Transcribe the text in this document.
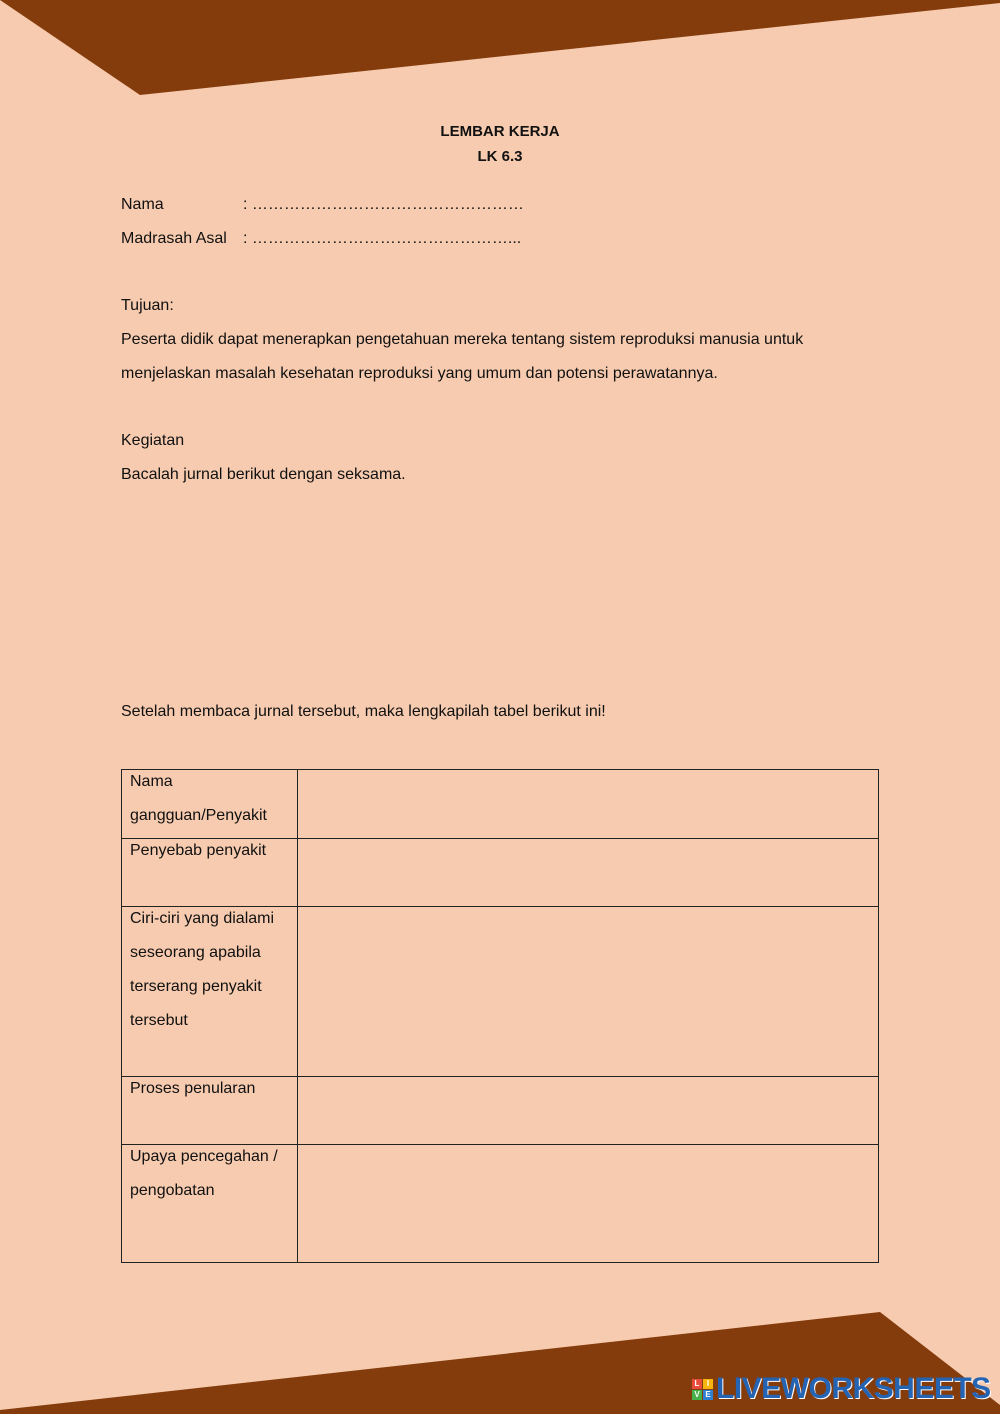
LEMBAR KERJA
LK 6.3
Nama	: ……………………………………………
Madrasah Asal : …………………………………………...
Tujuan:
Peserta didik dapat menerapkan pengetahuan mereka tentang sistem reproduksi manusia untuk
menjelaskan masalah kesehatan reproduksi yang umum dan potensi perawatannya.
Kegiatan
Bacalah jurnal berikut dengan seksama.
Setelah membaca jurnal tersebut, maka lengkapilah tabel berikut ini!
Nama gangguan/Penyakit	
Penyebab penyakit	
Ciri-ciri yang dialami seseorang apabila terserang penyakit tersebut	
Proses penularan	
Upaya pencegahan / pengobatan	
L I
V E LIVEWORKSHEETS
